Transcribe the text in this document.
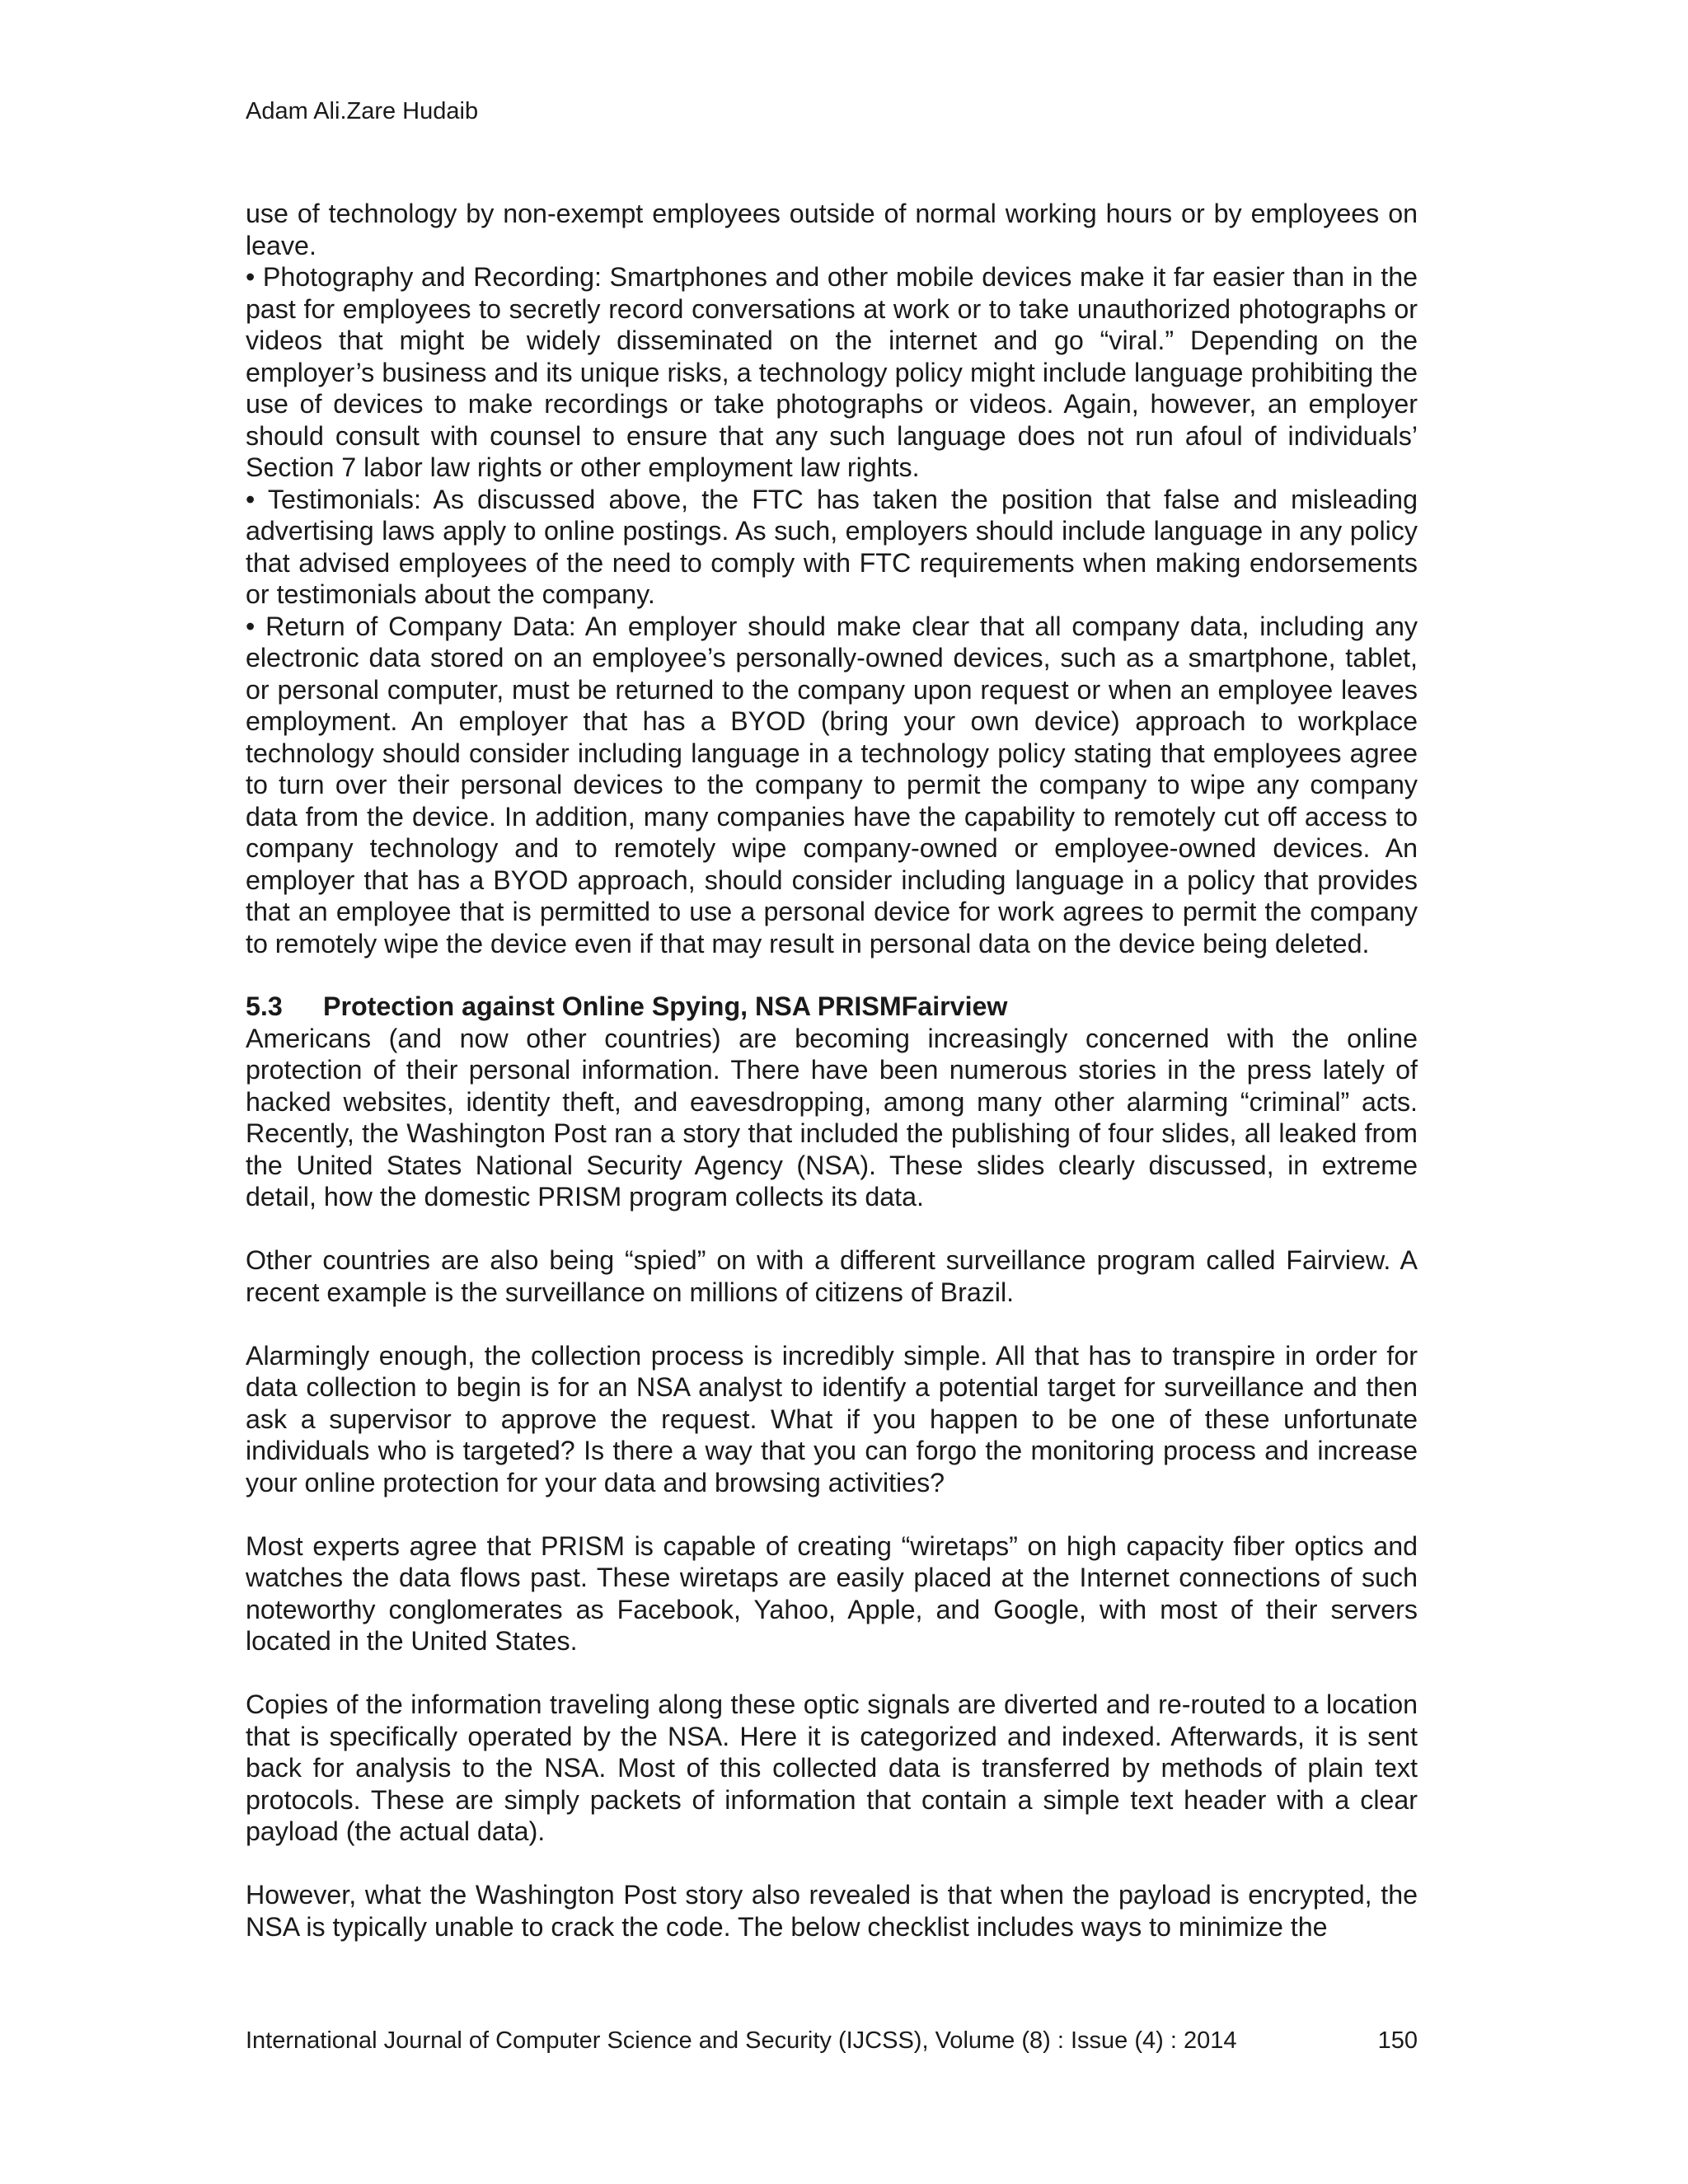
Adam Ali.Zare Hudaib

use of technology by non-exempt employees outside of normal working hours or by employees on leave.

• Photography and Recording: Smartphones and other mobile devices make it far easier than in the past for employees to secretly record conversations at work or to take unauthorized photographs or videos that might be widely disseminated on the internet and go “viral.” Depending on the employer’s business and its unique risks, a technology policy might include language prohibiting the use of devices to make recordings or take photographs or videos. Again, however, an employer should consult with counsel to ensure that any such language does not run afoul of individuals’ Section 7 labor law rights or other employment law rights.

• Testimonials: As discussed above, the FTC has taken the position that false and misleading advertising laws apply to online postings. As such, employers should include language in any policy that advised employees of the need to comply with FTC requirements when making endorsements or testimonials about the company.

• Return of Company Data: An employer should make clear that all company data, including any electronic data stored on an employee’s personally-owned devices, such as a smartphone, tablet, or personal computer, must be returned to the company upon request or when an employee leaves employment. An employer that has a BYOD (bring your own device) approach to workplace technology should consider including language in a technology policy stating that employees agree to turn over their personal devices to the company to permit the company to wipe any company data from the device. In addition, many companies have the capability to remotely cut off access to company technology and to remotely wipe company-owned or employee-owned devices. An employer that has a BYOD approach, should consider including language in a policy that provides that an employee that is permitted to use a personal device for work agrees to permit the company to remotely wipe the device even if that may result in personal data on the device being deleted.

5.3 Protection against Online Spying, NSA PRISMFairview

Americans (and now other countries) are becoming increasingly concerned with the online protection of their personal information. There have been numerous stories in the press lately of hacked websites, identity theft, and eavesdropping, among many other alarming “criminal” acts. Recently, the Washington Post ran a story that included the publishing of four slides, all leaked from the United States National Security Agency (NSA). These slides clearly discussed, in extreme detail, how the domestic PRISM program collects its data.

Other countries are also being “spied” on with a different surveillance program called Fairview. A recent example is the surveillance on millions of citizens of Brazil.

Alarmingly enough, the collection process is incredibly simple. All that has to transpire in order for data collection to begin is for an NSA analyst to identify a potential target for surveillance and then ask a supervisor to approve the request. What if you happen to be one of these unfortunate individuals who is targeted? Is there a way that you can forgo the monitoring process and increase your online protection for your data and browsing activities?

Most experts agree that PRISM is capable of creating “wiretaps” on high capacity fiber optics and watches the data flows past. These wiretaps are easily placed at the Internet connections of such noteworthy conglomerates as Facebook, Yahoo, Apple, and Google, with most of their servers located in the United States.

Copies of the information traveling along these optic signals are diverted and re-routed to a location that is specifically operated by the NSA. Here it is categorized and indexed. Afterwards, it is sent back for analysis to the NSA. Most of this collected data is transferred by methods of plain text protocols. These are simply packets of information that contain a simple text header with a clear payload (the actual data).

However, what the Washington Post story also revealed is that when the payload is encrypted, the NSA is typically unable to crack the code. The below checklist includes ways to minimize the

International Journal of Computer Science and Security (IJCSS), Volume (8) : Issue (4) : 2014	150
